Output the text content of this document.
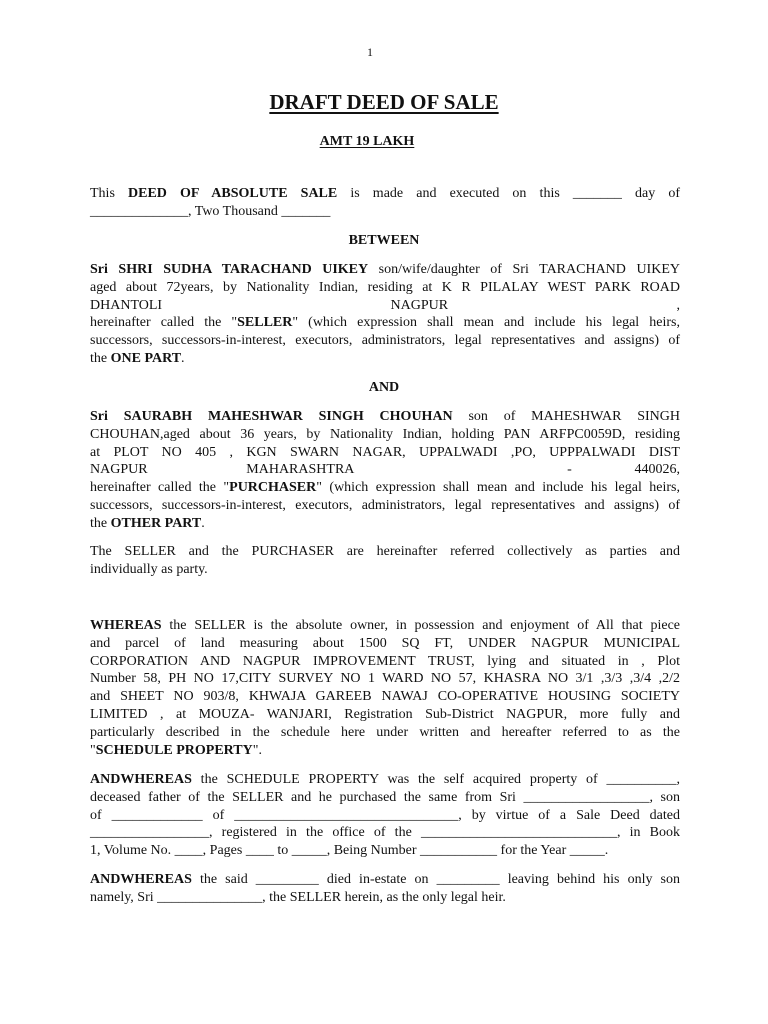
1
DRAFT DEED OF SALE
AMT 19 LAKH
This DEED OF ABSOLUTE SALE is made and executed on this _______ day of
______________, Two Thousand _______
BETWEEN
Sri SHRI SUDHA TARACHAND UIKEY son/wife/daughter of Sri TARACHAND UIKEY
aged about 72years, by Nationality Indian, residing at K R PILALAY WEST PARK ROAD
DHANTOLI	NAGPUR	,
hereinafter called the "SELLER" (which expression shall mean and include his legal heirs,
successors, successors-in-interest, executors, administrators, legal representatives and assigns) of
the ONE PART.
AND
Sri SAURABH MAHESHWAR SINGH CHOUHAN son of MAHESHWAR SINGH
CHOUHAN,aged about 36 years, by Nationality Indian, holding PAN ARFPC0059D, residing
at PLOT NO 405 , KGN SWARN NAGAR, UPPALWADI ,PO, UPPPALWADI DIST
NAGPUR	MAHARASHTRA	-	440026,
hereinafter called the "PURCHASER" (which expression shall mean and include his legal heirs,
successors, successors-in-interest, executors, administrators, legal representatives and assigns) of
the OTHER PART.
The SELLER and the PURCHASER are hereinafter referred collectively as parties and
individually as party.
WHEREAS the SELLER is the absolute owner, in possession and enjoyment of All that piece
and parcel of land measuring about 1500 SQ FT, UNDER NAGPUR MUNICIPAL
CORPORATION AND NAGPUR IMPROVEMENT TRUST, lying and situated in , Plot
Number 58, PH NO 17,CITY SURVEY NO 1 WARD NO 57, KHASRA NO 3/1 ,3/3 ,3/4 ,2/2
and SHEET NO 903/8, KHWAJA GAREEB NAWAJ CO-OPERATIVE HOUSING SOCIETY
LIMITED , at MOUZA- WANJARI, Registration Sub-District NAGPUR, more fully and
particularly described in the schedule here under written and hereafter referred to as the
"SCHEDULE PROPERTY".
ANDWHEREAS the SCHEDULE PROPERTY was the self acquired property of __________,
deceased father of the SELLER and he purchased the same from Sri __________________, son
of _____________ of ________________________________, by virtue of a Sale Deed dated
_________________, registered in the office of the ____________________________, in Book
1, Volume No. ____, Pages ____ to _____, Being Number ___________ for the Year _____.
ANDWHEREAS the said _________ died in-estate on _________ leaving behind his only son
namely, Sri _______________, the SELLER herein, as the only legal heir.
